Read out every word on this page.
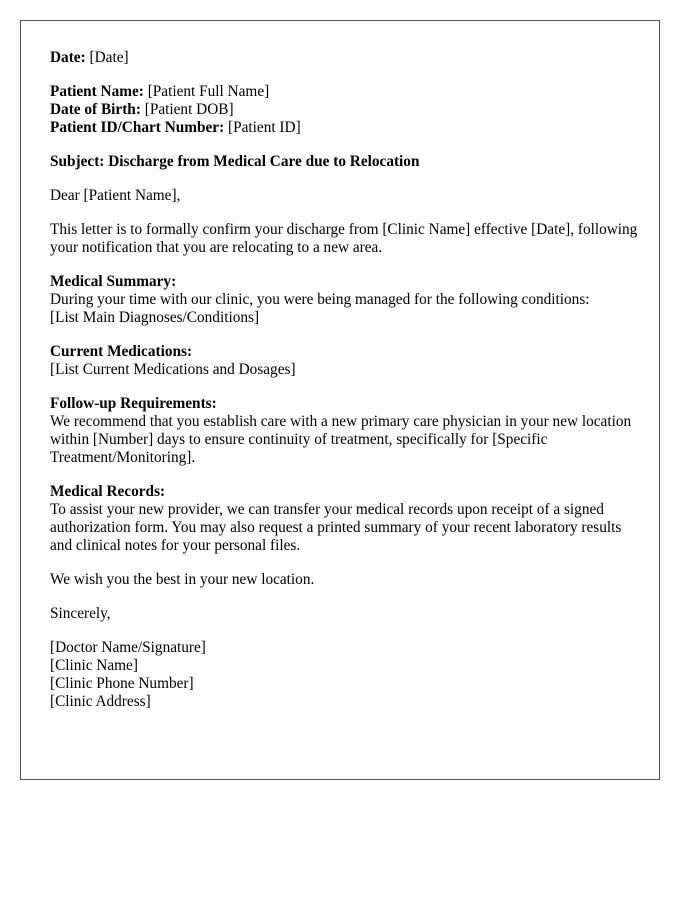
Date: [Date]
Patient Name: [Patient Full Name]
Date of Birth: [Patient DOB]
Patient ID/Chart Number: [Patient ID]
Subject: Discharge from Medical Care due to Relocation
Dear [Patient Name],
This letter is to formally confirm your discharge from [Clinic Name] effective [Date], following your notification that you are relocating to a new area.
Medical Summary:
During your time with our clinic, you were being managed for the following conditions:
[List Main Diagnoses/Conditions]
Current Medications:
[List Current Medications and Dosages]
Follow-up Requirements:
We recommend that you establish care with a new primary care physician in your new location within [Number] days to ensure continuity of treatment, specifically for [Specific Treatment/Monitoring].
Medical Records:
To assist your new provider, we can transfer your medical records upon receipt of a signed authorization form. You may also request a printed summary of your recent laboratory results and clinical notes for your personal files.
We wish you the best in your new location.
Sincerely,
[Doctor Name/Signature]
[Clinic Name]
[Clinic Phone Number]
[Clinic Address]
